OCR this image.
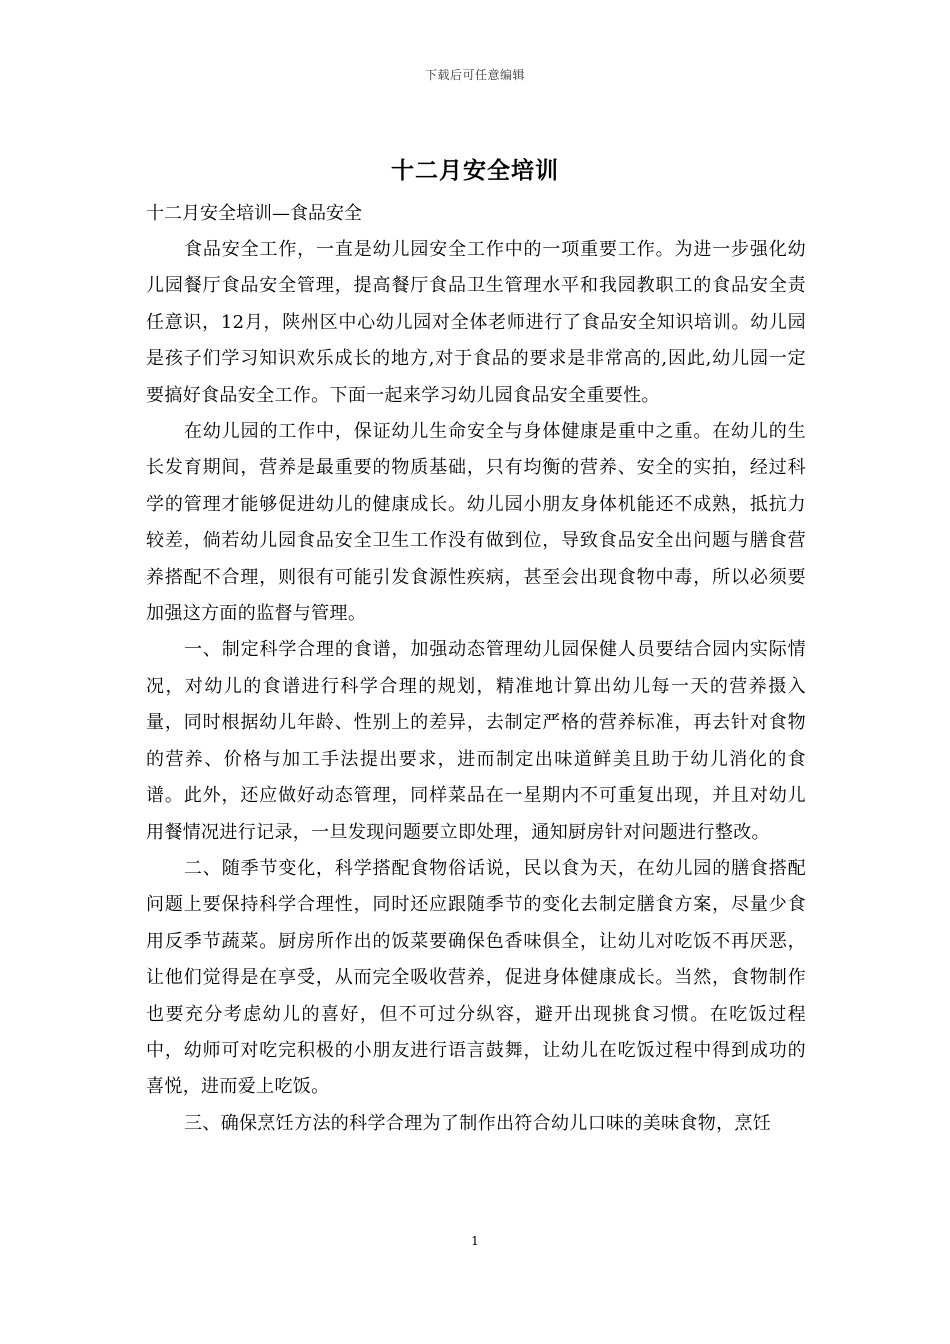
下载后可任意编辑
十二月安全培训

十二月安全培训—食品安全

食品安全工作，一直是幼儿园安全工作中的一项重要工作。为进一步强化幼儿园餐厅食品安全管理，提高餐厅食品卫生管理水平和我园教职工的食品安全责任意识，12月，陕州区中心幼儿园对全体老师进行了食品安全知识培训。幼儿园是孩子们学习知识欢乐成长的地方,对于食品的要求是非常高的,因此,幼儿园一定要搞好食品安全工作。下面一起来学习幼儿园食品安全重要性。

在幼儿园的工作中，保证幼儿生命安全与身体健康是重中之重。在幼儿的生长发育期间，营养是最重要的物质基础，只有均衡的营养、安全的实拍，经过科学的管理才能够促进幼儿的健康成长。幼儿园小朋友身体机能还不成熟，抵抗力较差，倘若幼儿园食品安全卫生工作没有做到位，导致食品安全出问题与膳食营养搭配不合理，则很有可能引发食源性疾病，甚至会出现食物中毒，所以必须要加强这方面的监督与管理。

一、制定科学合理的食谱，加强动态管理幼儿园保健人员要结合园内实际情况，对幼儿的食谱进行科学合理的规划，精准地计算出幼儿每一天的营养摄入量，同时根据幼儿年龄、性别上的差异，去制定严格的营养标准，再去针对食物的营养、价格与加工手法提出要求，进而制定出味道鲜美且助于幼儿消化的食谱。此外，还应做好动态管理，同样菜品在一星期内不可重复出现，并且对幼儿用餐情况进行记录，一旦发现问题要立即处理，通知厨房针对问题进行整改。

二、随季节变化，科学搭配食物俗话说，民以食为天，在幼儿园的膳食搭配问题上要保持科学合理性，同时还应跟随季节的变化去制定膳食方案，尽量少食用反季节蔬菜。厨房所作出的饭菜要确保色香味俱全，让幼儿对吃饭不再厌恶，让他们觉得是在享受，从而完全吸收营养，促进身体健康成长。当然，食物制作也要充分考虑幼儿的喜好，但不可过分纵容，避开出现挑食习惯。在吃饭过程中，幼师可对吃完积极的小朋友进行语言鼓舞，让幼儿在吃饭过程中得到成功的喜悦，进而爱上吃饭。

三、确保烹饪方法的科学合理为了制作出符合幼儿口味的美味食物，烹饪

1
